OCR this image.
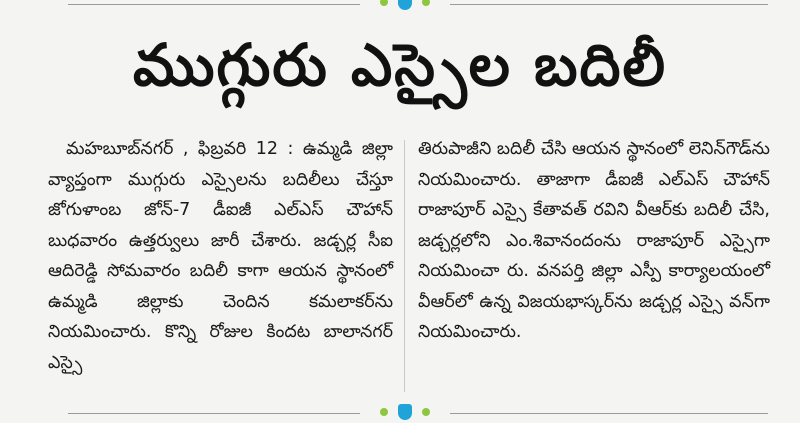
ముగ్గురు ఎస్సైల బదిలీ

మహబూబ్‌నగర్ , ఫిబ్రవరి 12 : ఉమ్మడి జిల్లా వ్యాప్తంగా ముగ్గురు ఎస్సైలను బదిలీలు చేస్తూ జోగుళాంబ జోన్-7 డీఐజీ ఎల్ఎస్ చౌహాన్ బుధవారం ఉత్తర్వులు జారీ చేశారు. జడ్చర్ల సీఐ ఆదిరెడ్డి సోమవారం బదిలీ కాగా ఆయన స్థానంలో ఉమ్మడి జిల్లాకు చెందిన కమలాకర్‌ను నియమించారు. కొన్ని రోజుల కిందట బాలానగర్ ఎస్సై

తిరుపాజీని బదిలీ చేసి ఆయన స్థానంలో లెనిన్‌గౌడ్‌ను నియమించారు. తాజాగా డీఐజీ ఎల్ఎస్ చౌహాన్ రాజాపూర్ ఎస్సై కేతావత్ రవిని వీఆర్‌కు బదిలీ చేసి, జడ్చర్లలోని ఎం.శివానందంను రాజాపూర్ ఎస్సైగా నియమించా రు. వనపర్తి జిల్లా ఎస్పీ కార్యాలయంలో వీఆర్‌లో ఉన్న విజయభాస్కర్‌ను జడ్చర్ల ఎస్సై వన్‌గా నియమించారు.
